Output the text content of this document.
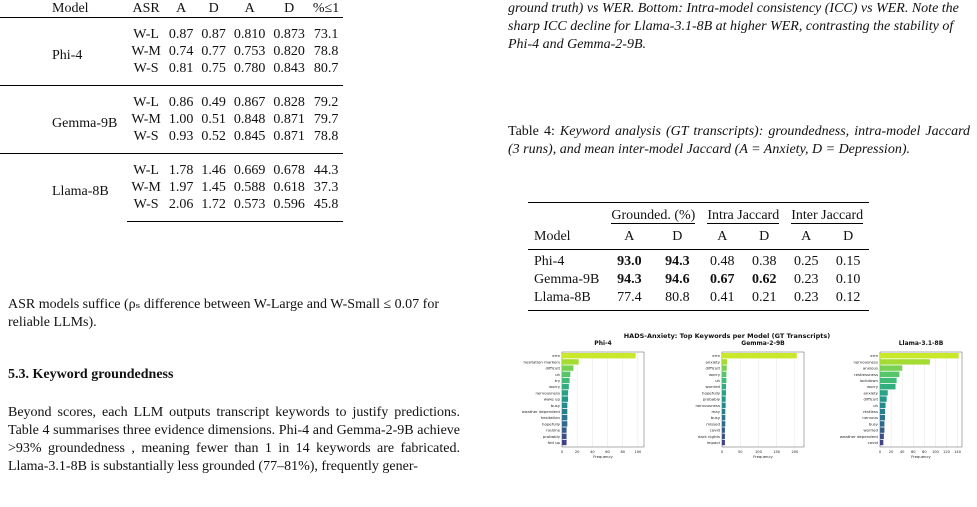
Model	ASR	A	D	A	D	%≤1
Phi-4	W-L	0.87	0.87	0.810	0.873	73.1
	W-M	0.74	0.77	0.753	0.820	78.8
	W-S	0.81	0.75	0.780	0.843	80.7
Gemma-9B	W-L	0.86	0.49	0.867	0.828	79.2
	W-M	1.00	0.51	0.848	0.871	79.7
	W-S	0.93	0.52	0.845	0.871	78.8
Llama-8B	W-L	1.78	1.46	0.669	0.678	44.3
	W-M	1.97	1.45	0.588	0.618	37.3
	W-S	2.06	1.72	0.573	0.596	45.8

ASR models suffice (ρₛ difference between W-Large and W-Small ≤ 0.07 for reliable LLMs).

5.3. Keyword groundedness

Beyond scores, each LLM outputs transcript keywords to justify predictions. Table 4 summarises three evidence dimensions. Phi-4 and Gemma-2-9B achieve >93% groundedness , meaning fewer than 1 in 14 keywords are fabricated. Llama-3.1-8B is substantially less grounded (77–81%), frequently gener-

ground truth) vs WER. Bottom: Intra-model consistency (ICC) vs WER. Note the sharp ICC decline for Llama-3.1-8B at higher WER, contrasting the stability of Phi-4 and Gemma-2-9B.
Table 4: Keyword analysis (GT transcripts): groundedness, intra-model Jaccard (3 runs), and mean inter-model Jaccard (A = Anxiety, D = Depression).
	Grounded. (%)		Intra Jaccard		Inter Jaccard	
Model	A	D	A	D	A	D
Phi-4	93.0	94.3	0.48	0.38	0.25	0.15
Gemma-9B	94.3	94.6	0.67	0.62	0.23	0.10
Llama-8B	77.4	80.8	0.41	0.21	0.23	0.12
HADS-Anxiety: Top Keywords per Model (GT Transcripts)
Phi-4
0	20	40	60	80	100
erm
hesitation markers
difficult
uh
try
worry
nervousness
wake up
busy
weather dependent
hesitation
hopefully
routine
probably
fed up
Frequency
Gemma-2-9B
0	50	100	150	200
erm
anxiety
difficult
worry
uh
worried
hopefully
probably
nervousness
may
busy
missed
covid
dark nights
impact
Frequency
Llama-3.1-8B
0 20 40 60 80 100 120 140
erm
nervousness
anxious
restlessness
lockdown
worry
anxiety
difficult
uh
restless
nervous
busy
worried
weather dependent
covid
Frequency
